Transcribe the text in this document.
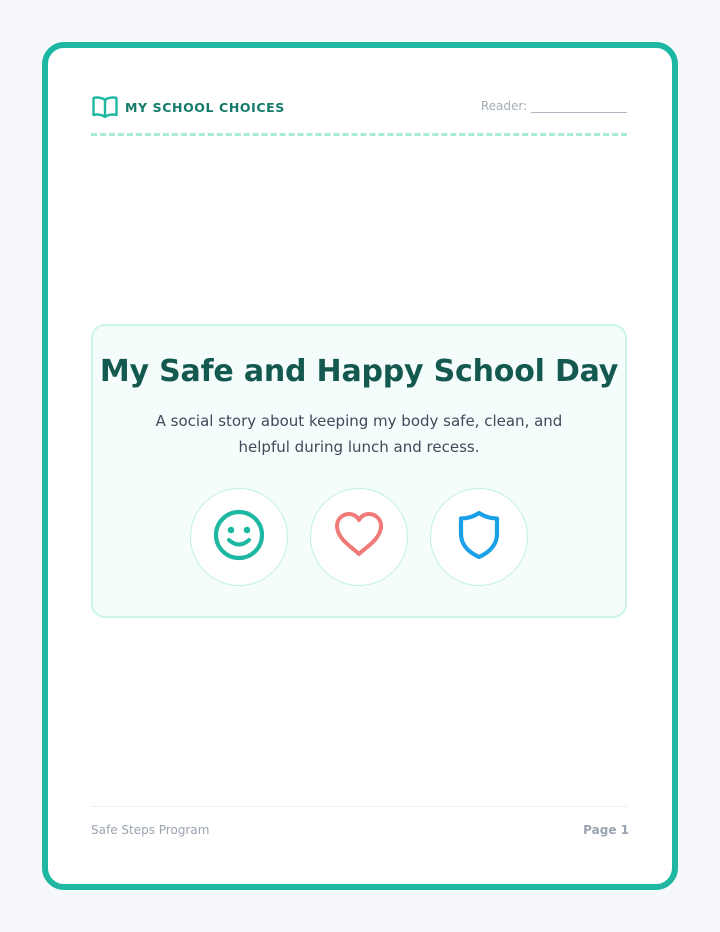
MY SCHOOL CHOICES	Reader: ________________
My Safe and Happy School Day
A social story about keeping my body safe, clean, and helpful during lunch and recess.
Safe Steps Program	Page 1
